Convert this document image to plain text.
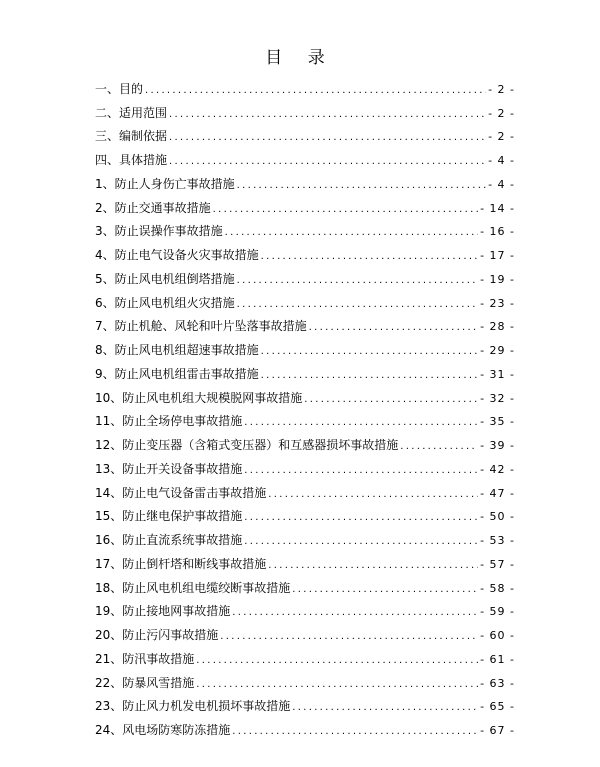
目 录
一、目的 .....	- 2 -
二、适用范围 .....	- 2 -
三、编制依据 .....	- 2 -
四、具体措施 .....	- 4 -
1、防止人身伤亡事故措施 .....	- 4 -
2、防止交通事故措施 .....	- 14 -
3、防止误操作事故措施 .....	- 16 -
4、防止电气设备火灾事故措施 .....	- 17 -
5、防止风电机组倒塔措施 .....	- 19 -
6、防止风电机组火灾措施 .....	- 23 -
7、防止机舱、风轮和叶片坠落事故措施 .....	- 28 -
8、防止风电机组超速事故措施 .....	- 29 -
9、防止风电机组雷击事故措施 .....	- 31 -
10、防止风电机组大规模脱网事故措施 .....	- 32 -
11、防止全场停电事故措施 .....	- 35 -
12、防止变压器（含箱式变压器）和互感器损坏事故措施 .....	- 39 -
13、防止开关设备事故措施 .....	- 42 -
14、防止电气设备雷击事故措施 .....	- 47 -
15、防止继电保护事故措施 .....	- 50 -
16、防止直流系统事故措施 .....	- 53 -
17、防止倒杆塔和断线事故措施 .....	- 57 -
18、防止风电机组电缆绞断事故措施 .....	- 58 -
19、防止接地网事故措施 .....	- 59 -
20、防止污闪事故措施 .....	- 60 -
21、防汛事故措施 .....	- 61 -
22、防暴风雪措施 .....	- 63 -
23、防止风力机发电机损坏事故措施 .....	- 65 -
24、风电场防寒防冻措施 .....	- 67 -
